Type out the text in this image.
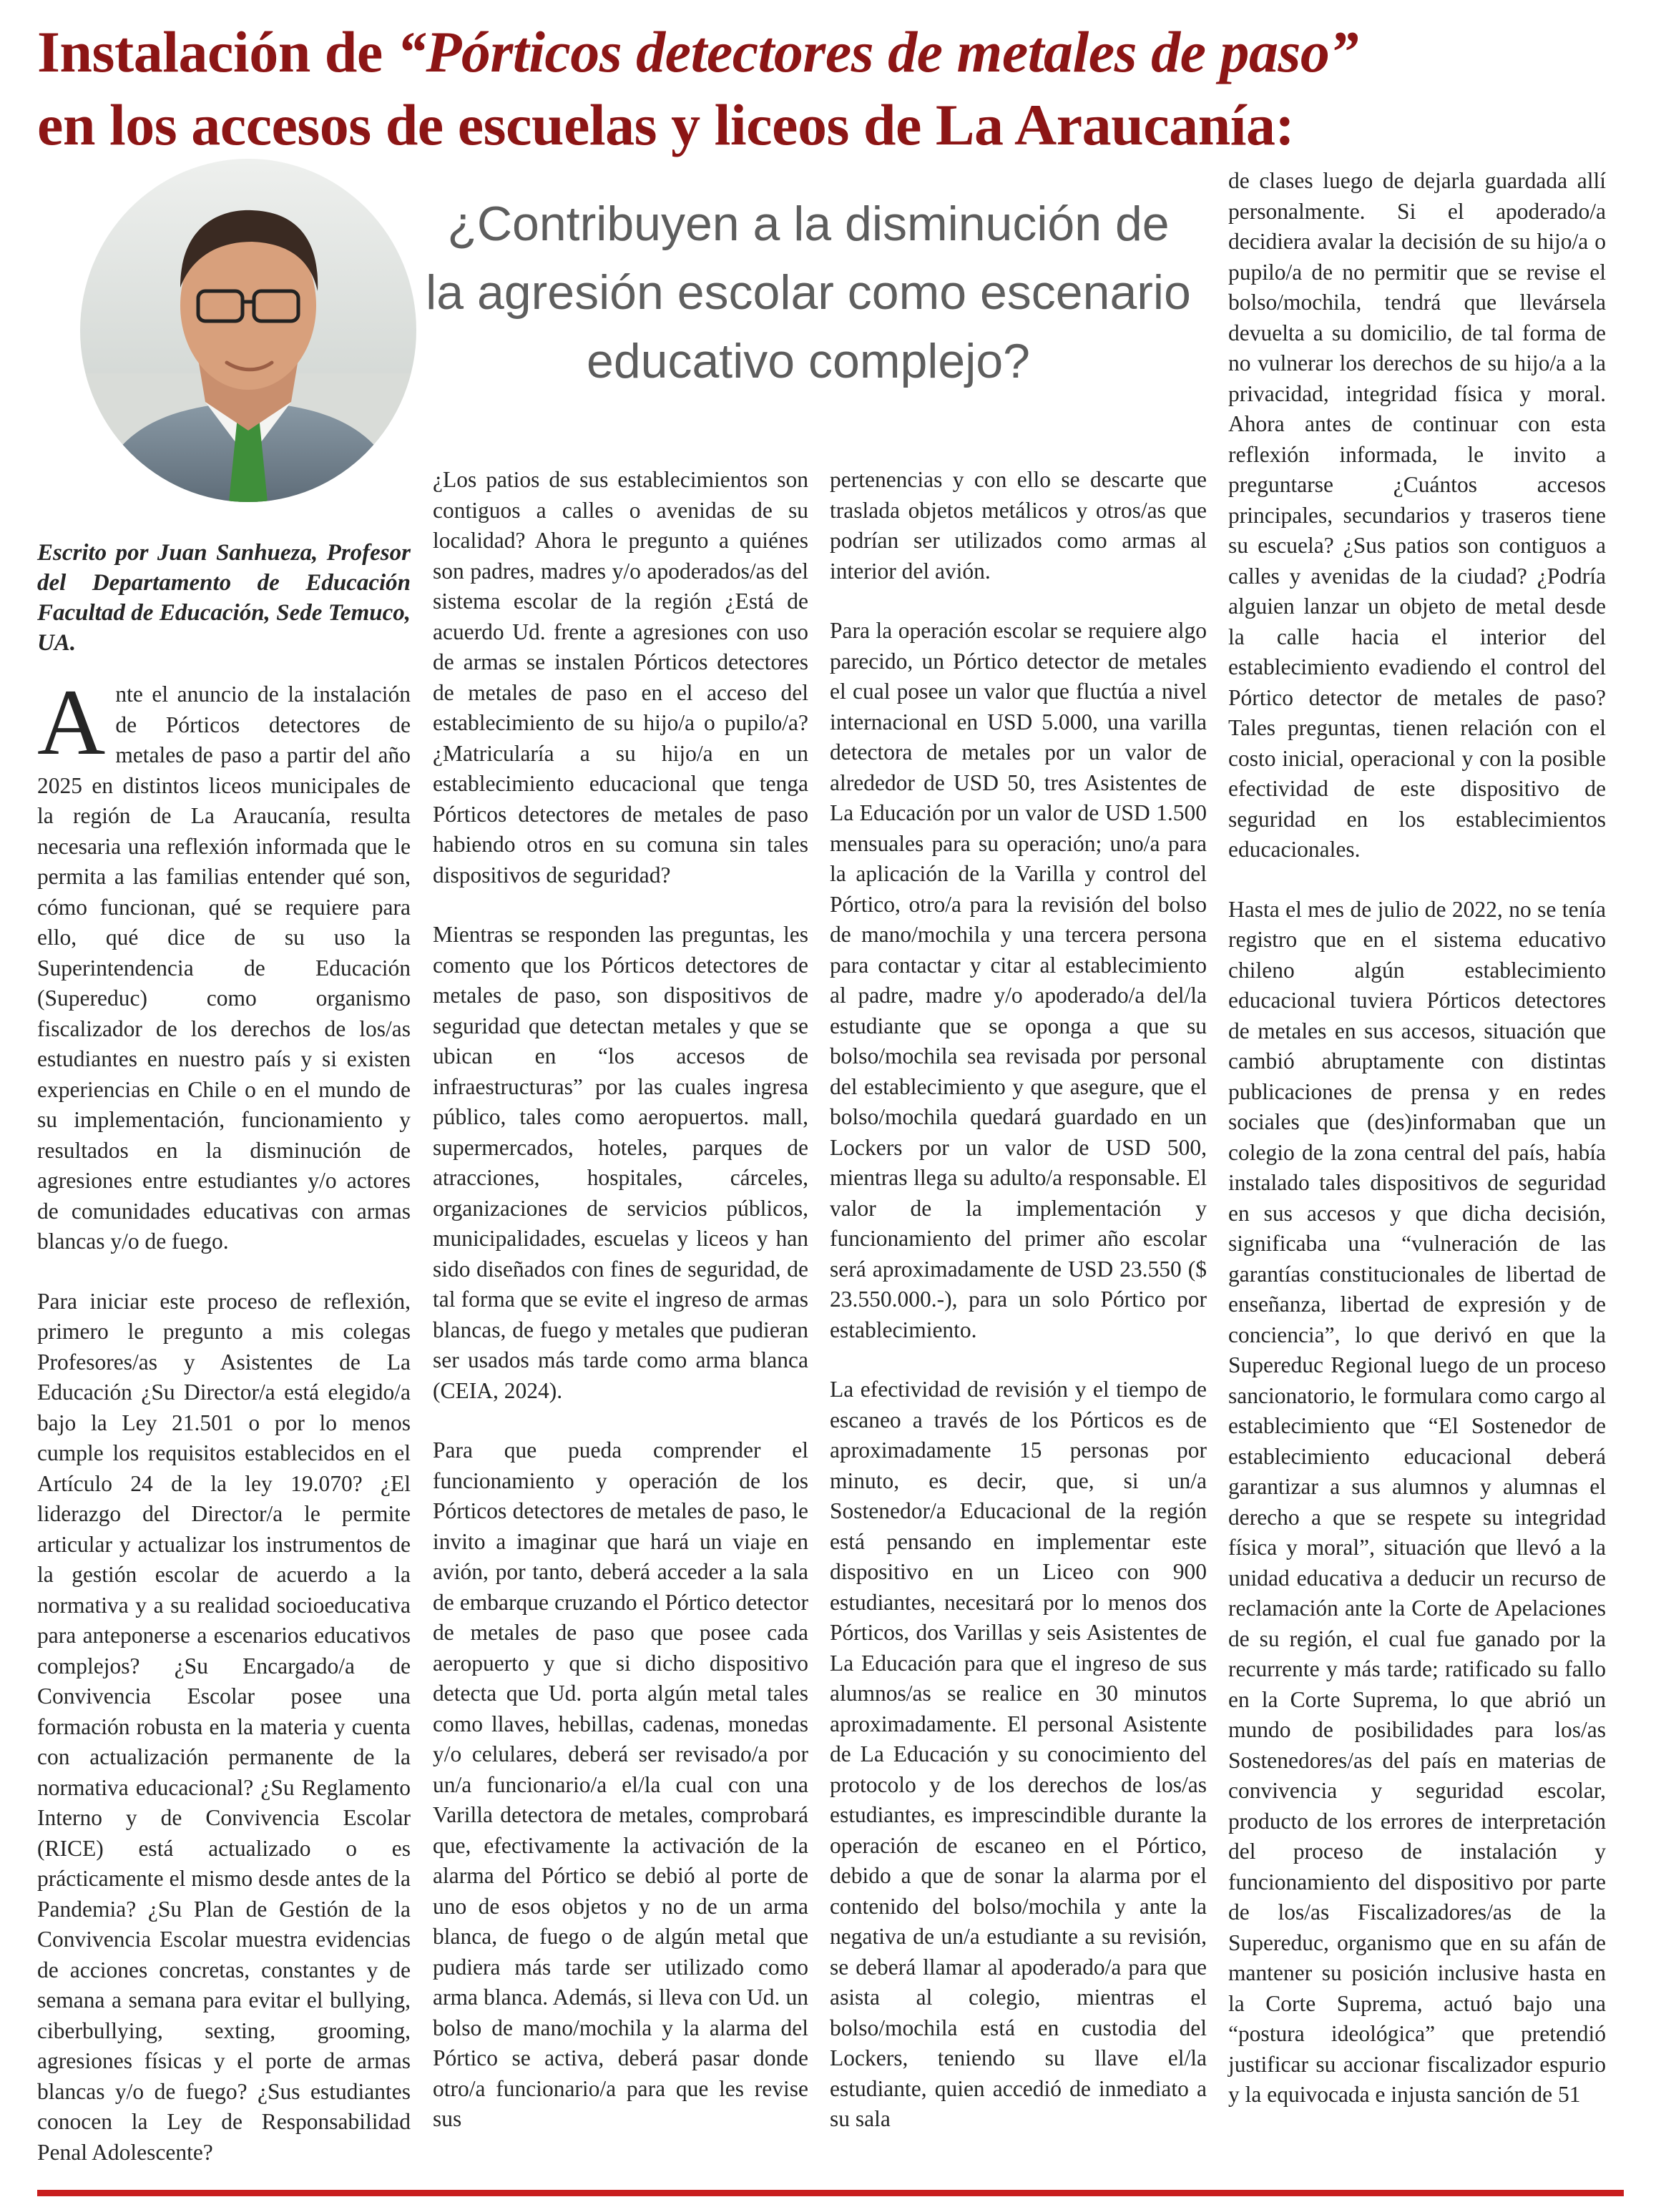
Instalación de “Pórticos detectores de metales de paso”
en los accesos de escuelas y liceos de La Araucanía:
¿Contribuyen a la disminución de la agresión escolar como escenario educativo complejo?

Escrito por Juan Sanhueza, Profesor del Departamento de Educación Facultad de Educación, Sede Temuco, UA.

Ante el anuncio de la instalación de Pórticos detectores de metales de paso a partir del año 2025 en distintos liceos municipales de la región de La Araucanía, resulta necesaria una reflexión informada que le permita a las familias entender qué son, cómo funcionan, qué se requiere para ello, qué dice de su uso la Superintendencia de Educación (Supereduc) como organismo fiscalizador de los derechos de los/as estudiantes en nuestro país y si existen experiencias en Chile o en el mundo de su implementación, funcionamiento y resultados en la disminución de agresiones entre estudiantes y/o actores de comunidades educativas con armas blancas y/o de fuego.

Para iniciar este proceso de reflexión, primero le pregunto a mis colegas Profesores/as y Asistentes de La Educación ¿Su Director/a está elegido/a bajo la Ley 21.501 o por lo menos cumple los requisitos establecidos en el Artículo 24 de la ley 19.070? ¿El liderazgo del Director/a le permite articular y actualizar los instrumentos de la gestión escolar de acuerdo a la normativa y a su realidad socioeducativa para anteponerse a escenarios educativos complejos? ¿Su Encargado/a de Convivencia Escolar posee una formación robusta en la materia y cuenta con actualización permanente de la normativa educacional? ¿Su Reglamento Interno y de Convivencia Escolar (RICE) está actualizado o es prácticamente el mismo desde antes de la Pandemia? ¿Su Plan de Gestión de la Convivencia Escolar muestra evidencias de acciones concretas, constantes y de semana a semana para evitar el bullying, ciberbullying, sexting, grooming, agresiones físicas y el porte de armas blancas y/o de fuego? ¿Sus estudiantes conocen la Ley de Responsabilidad Penal Adolescente?

¿Los patios de sus establecimientos son contiguos a calles o avenidas de su localidad? Ahora le pregunto a quiénes son padres, madres y/o apoderados/as del sistema escolar de la región ¿Está de acuerdo Ud. frente a agresiones con uso de armas se instalen Pórticos detectores de metales de paso en el acceso del establecimiento de su hijo/a o pupilo/a? ¿Matricularía a su hijo/a en un establecimiento educacional que tenga Pórticos detectores de metales de paso habiendo otros en su comuna sin tales dispositivos de seguridad?

Mientras se responden las preguntas, les comento que los Pórticos detectores de metales de paso, son dispositivos de seguridad que detectan metales y que se ubican en “los accesos de infraestructuras” por las cuales ingresa público, tales como aeropuertos. mall, supermercados, hoteles, parques de atracciones, hospitales, cárceles, organizaciones de servicios públicos, municipalidades, escuelas y liceos y han sido diseñados con fines de seguridad, de tal forma que se evite el ingreso de armas blancas, de fuego y metales que pudieran ser usados más tarde como arma blanca (CEIA, 2024).

Para que pueda comprender el funcionamiento y operación de los Pórticos detectores de metales de paso, le invito a imaginar que hará un viaje en avión, por tanto, deberá acceder a la sala de embarque cruzando el Pórtico detector de metales de paso que posee cada aeropuerto y que si dicho dispositivo detecta que Ud. porta algún metal tales como llaves, hebillas, cadenas, monedas y/o celulares, deberá ser revisado/a por un/a funcionario/a el/la cual con una Varilla detectora de metales, comprobará que, efectivamente la activación de la alarma del Pórtico se debió al porte de uno de esos objetos y no de un arma blanca, de fuego o de algún metal que pudiera más tarde ser utilizado como arma blanca. Además, si lleva con Ud. un bolso de mano/mochila y la alarma del Pórtico se activa, deberá pasar donde otro/a funcionario/a para que les revise sus

pertenencias y con ello se descarte que traslada objetos metálicos y otros/as que podrían ser utilizados como armas al interior del avión.

Para la operación escolar se requiere algo parecido, un Pórtico detector de metales el cual posee un valor que fluctúa a nivel internacional en USD 5.000, una varilla detectora de metales por un valor de alrededor de USD 50, tres Asistentes de La Educación por un valor de USD 1.500 mensuales para su operación; uno/a para la aplicación de la Varilla y control del Pórtico, otro/a para la revisión del bolso de mano/mochila y una tercera persona para contactar y citar al establecimiento al padre, madre y/o apoderado/a del/la estudiante que se oponga a que su bolso/mochila sea revisada por personal del establecimiento y que asegure, que el bolso/mochila quedará guardado en un Lockers por un valor de USD 500, mientras llega su adulto/a responsable. El valor de la implementación y funcionamiento del primer año escolar será aproximadamente de USD 23.550 ($ 23.550.000.-), para un solo Pórtico por establecimiento.

La efectividad de revisión y el tiempo de escaneo a través de los Pórticos es de aproximadamente 15 personas por minuto, es decir, que, si un/a Sostenedor/a Educacional de la región está pensando en implementar este dispositivo en un Liceo con 900 estudiantes, necesitará por lo menos dos Pórticos, dos Varillas y seis Asistentes de La Educación para que el ingreso de sus alumnos/as se realice en 30 minutos aproximadamente. El personal Asistente de La Educación y su conocimiento del protocolo y de los derechos de los/as estudiantes, es imprescindible durante la operación de escaneo en el Pórtico, debido a que de sonar la alarma por el contenido del bolso/mochila y ante la negativa de un/a estudiante a su revisión, se deberá llamar al apoderado/a para que asista al colegio, mientras el bolso/mochila está en custodia del Lockers, teniendo su llave el/la estudiante, quien accedió de inmediato a su sala

de clases luego de dejarla guardada allí personalmente. Si el apoderado/a decidiera avalar la decisión de su hijo/a o pupilo/a de no permitir que se revise el bolso/mochila, tendrá que llevársela devuelta a su domicilio, de tal forma de no vulnerar los derechos de su hijo/a a la privacidad, integridad física y moral. Ahora antes de continuar con esta reflexión informada, le invito a preguntarse ¿Cuántos accesos principales, secundarios y traseros tiene su escuela? ¿Sus patios son contiguos a calles y avenidas de la ciudad? ¿Podría alguien lanzar un objeto de metal desde la calle hacia el interior del establecimiento evadiendo el control del Pórtico detector de metales de paso? Tales preguntas, tienen relación con el costo inicial, operacional y con la posible efectividad de este dispositivo de seguridad en los establecimientos educacionales.

Hasta el mes de julio de 2022, no se tenía registro que en el sistema educativo chileno algún establecimiento educacional tuviera Pórticos detectores de metales en sus accesos, situación que cambió abruptamente con distintas publicaciones de prensa y en redes sociales que (des)informaban que un colegio de la zona central del país, había instalado tales dispositivos de seguridad en sus accesos y que dicha decisión, significaba una “vulneración de las garantías constitucionales de libertad de enseñanza, libertad de expresión y de conciencia”, lo que derivó en que la Supereduc Regional luego de un proceso sancionatorio, le formulara como cargo al establecimiento que “El Sostenedor de establecimiento educacional deberá garantizar a sus alumnos y alumnas el derecho a que se respete su integridad física y moral”, situación que llevó a la unidad educativa a deducir un recurso de reclamación ante la Corte de Apelaciones de su región, el cual fue ganado por la recurrente y más tarde; ratificado su fallo en la Corte Suprema, lo que abrió un mundo de posibilidades para los/as Sostenedores/as del país en materias de convivencia y seguridad escolar, producto de los errores de interpretación del proceso de instalación y funcionamiento del dispositivo por parte de los/as Fiscalizadores/as de la Supereduc, organismo que en su afán de mantener su posición inclusive hasta en la Corte Suprema, actuó bajo una “postura ideológica” que pretendió justificar su accionar fiscalizador espurio y la equivocada e injusta sanción de 51
